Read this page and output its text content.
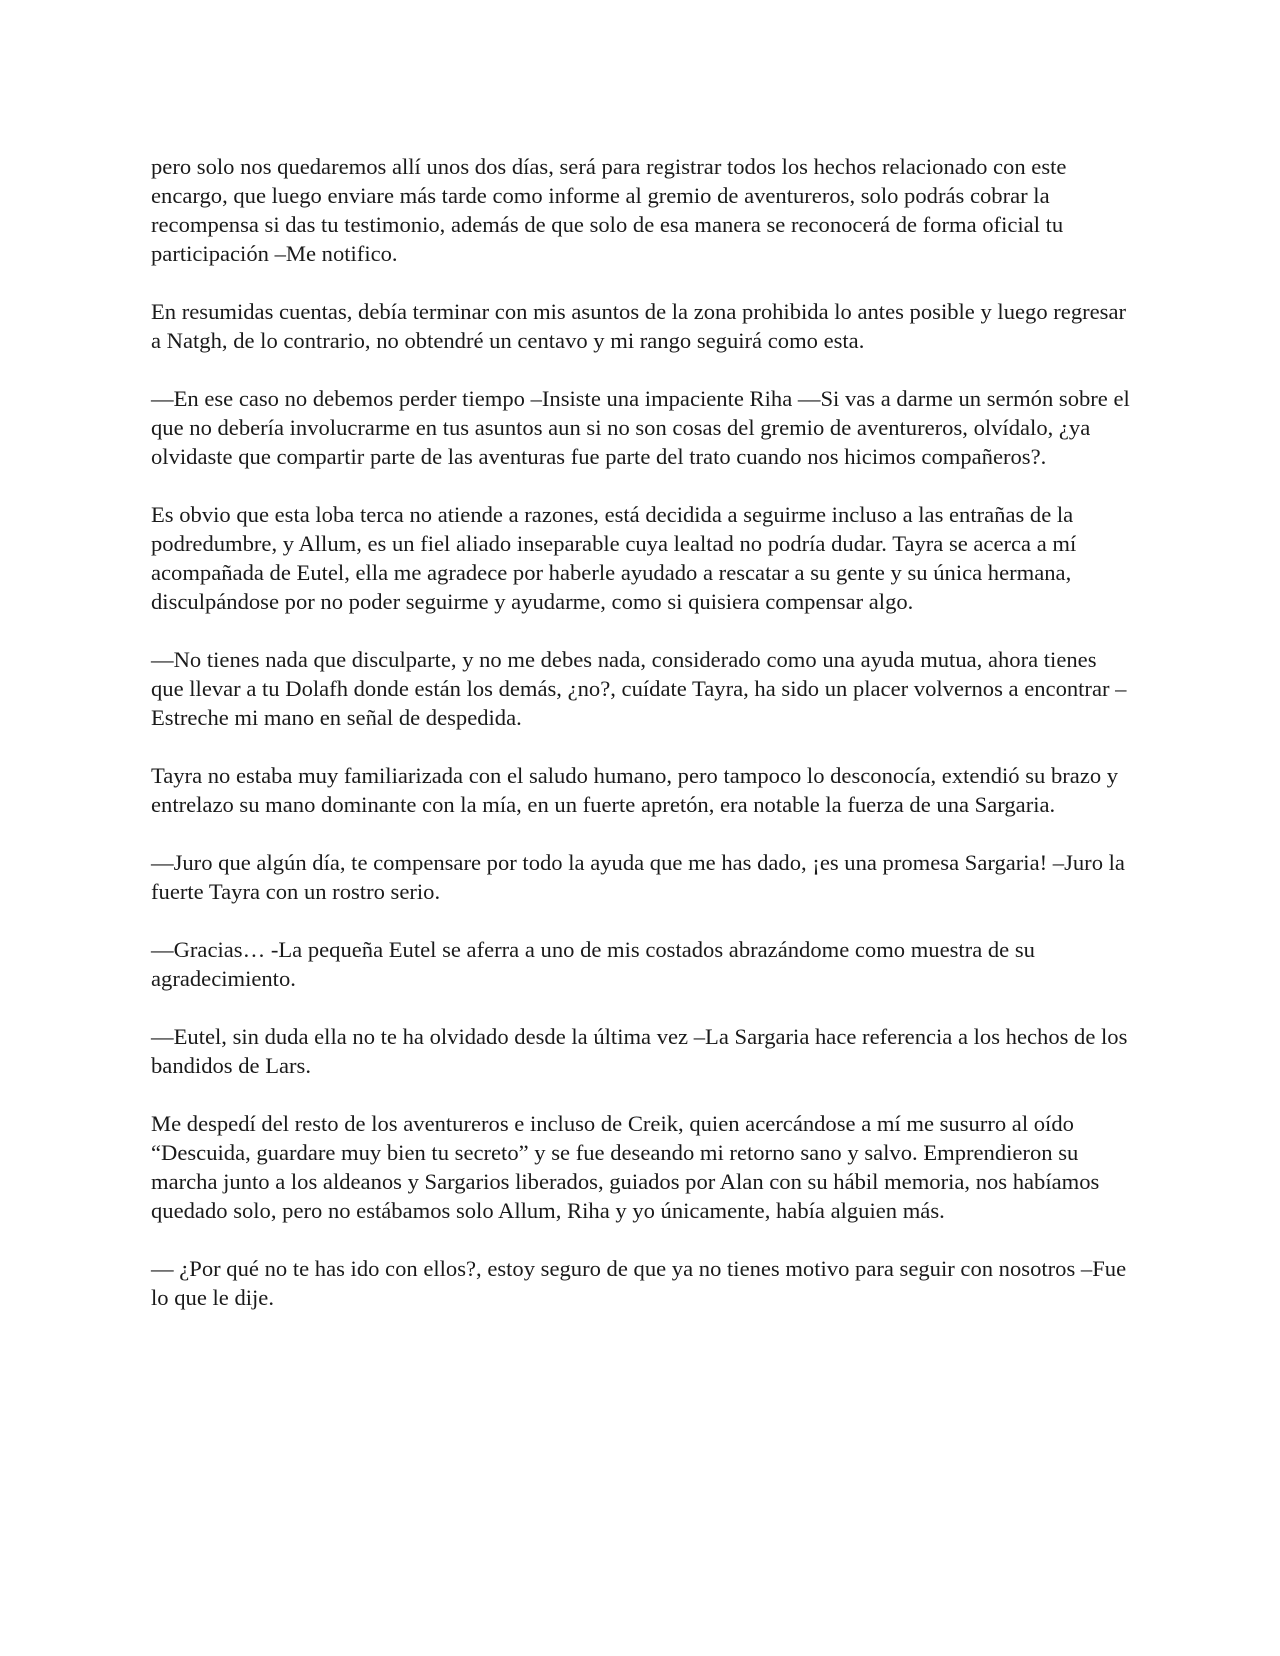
pero solo nos quedaremos allí unos dos días, será para registrar todos los hechos relacionado con este encargo, que luego enviare más tarde como informe al gremio de aventureros, solo podrás cobrar la recompensa si das tu testimonio, además de que solo de esa manera se reconocerá de forma oficial tu participación –Me notifico.

En resumidas cuentas, debía terminar con mis asuntos de la zona prohibida lo antes posible y luego regresar a Natgh, de lo contrario, no obtendré un centavo y mi rango seguirá como esta.

—En ese caso no debemos perder tiempo –Insiste una impaciente Riha —Si vas a darme un sermón sobre el que no debería involucrarme en tus asuntos aun si no son cosas del gremio de aventureros, olvídalo, ¿ya olvidaste que compartir parte de las aventuras fue parte del trato cuando nos hicimos compañeros?.

Es obvio que esta loba terca no atiende a razones, está decidida a seguirme incluso a las entrañas de la podredumbre, y Allum, es un fiel aliado inseparable cuya lealtad no podría dudar. Tayra se acerca a mí acompañada de Eutel, ella me agradece por haberle ayudado a rescatar a su gente y su única hermana, disculpándose por no poder seguirme y ayudarme, como si quisiera compensar algo.

—No tienes nada que disculparte, y no me debes nada, considerado como una ayuda mutua, ahora tienes que llevar a tu Dolafh donde están los demás, ¿no?, cuídate Tayra, ha sido un placer volvernos a encontrar –Estreche mi mano en señal de despedida.

Tayra no estaba muy familiarizada con el saludo humano, pero tampoco lo desconocía, extendió su brazo y entrelazo su mano dominante con la mía, en un fuerte apretón, era notable la fuerza de una Sargaria.

—Juro que algún día, te compensare por todo la ayuda que me has dado, ¡es una promesa Sargaria! –Juro la fuerte Tayra con un rostro serio.

—Gracias… -La pequeña Eutel se aferra a uno de mis costados abrazándome como muestra de su agradecimiento.

—Eutel, sin duda ella no te ha olvidado desde la última vez –La Sargaria hace referencia a los hechos de los bandidos de Lars.

Me despedí del resto de los aventureros e incluso de Creik, quien acercándose a mí me susurro al oído “Descuida, guardare muy bien tu secreto” y se fue deseando mi retorno sano y salvo. Emprendieron su marcha junto a los aldeanos y Sargarios liberados, guiados por Alan con su hábil memoria, nos habíamos quedado solo, pero no estábamos solo Allum, Riha y yo únicamente, había alguien más.

— ¿Por qué no te has ido con ellos?, estoy seguro de que ya no tienes motivo para seguir con nosotros –Fue lo que le dije.
